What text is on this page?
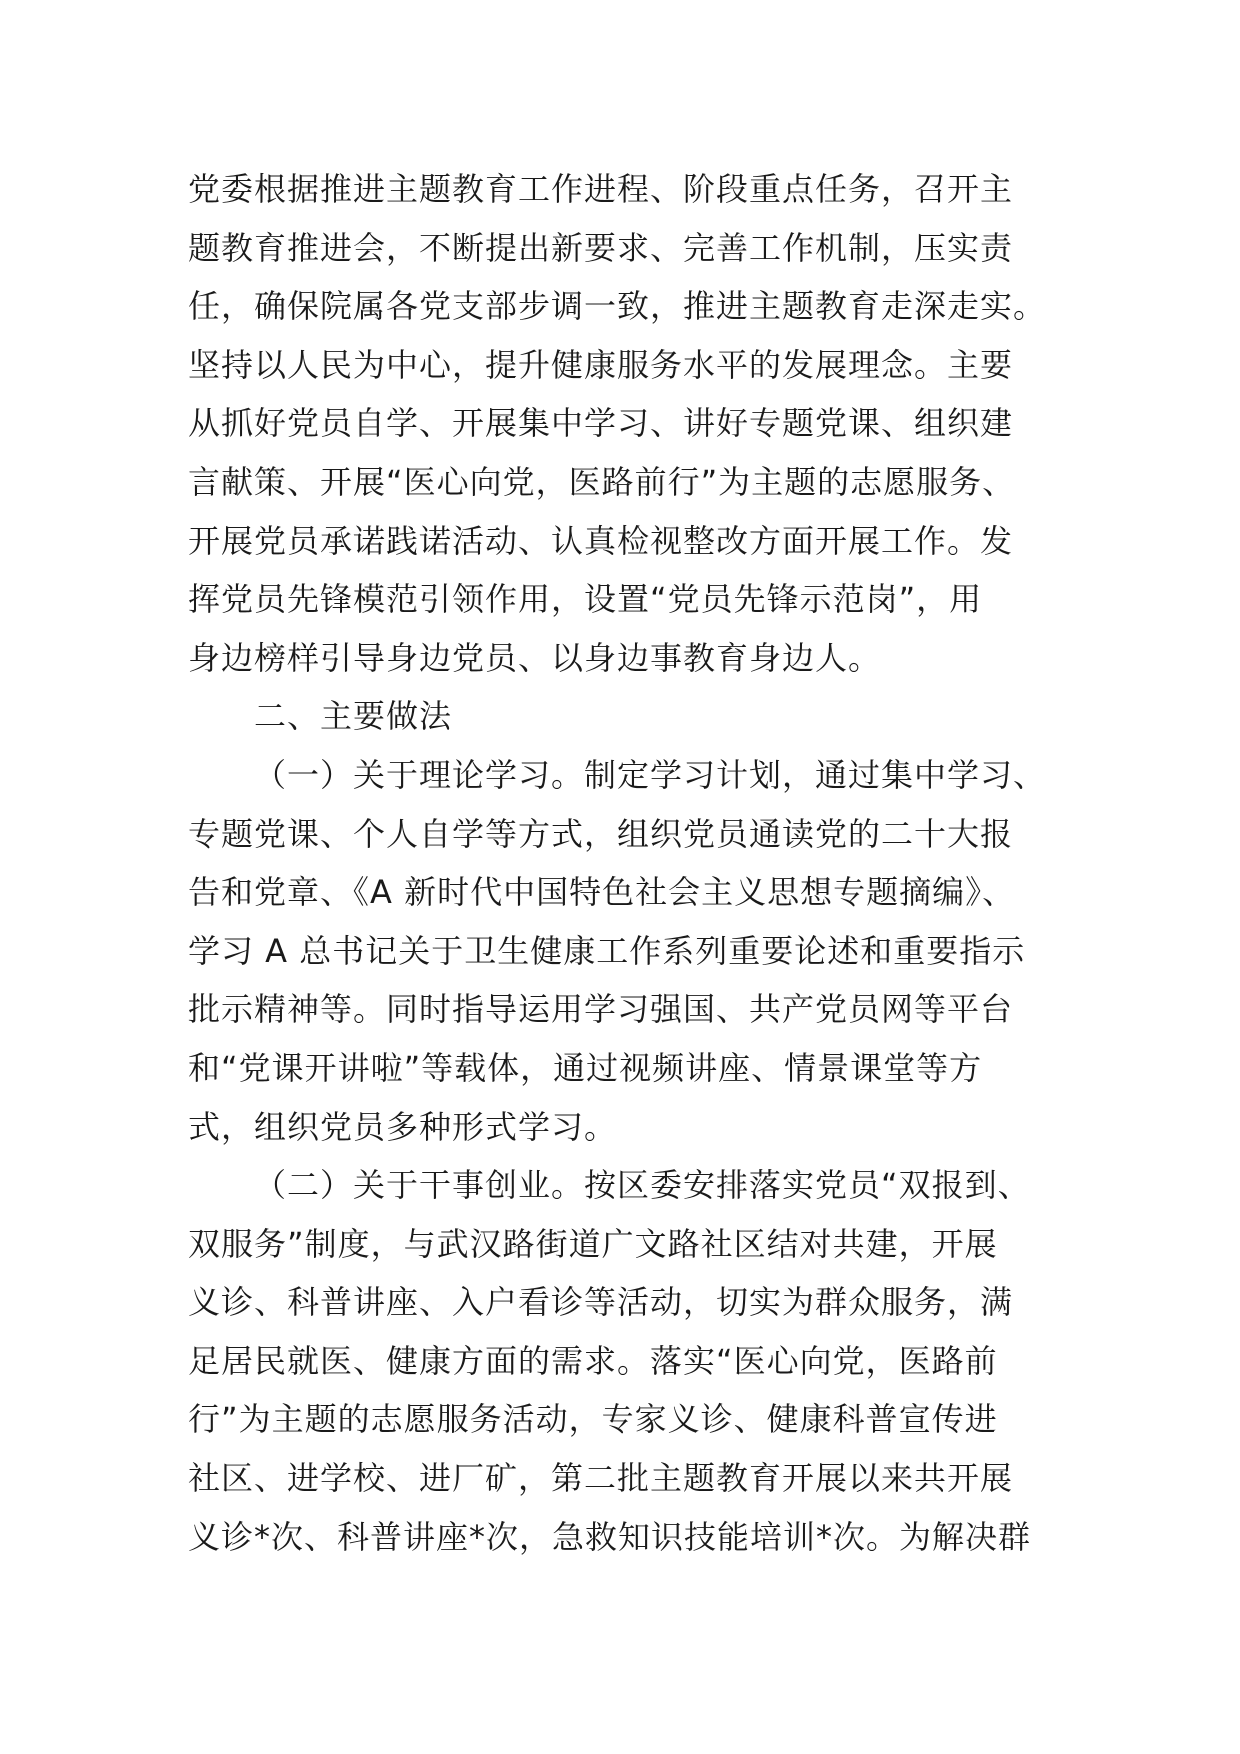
党委根据推进主题教育工作进程、阶段重点任务，召开主
题教育推进会，不断提出新要求、完善工作机制，压实责
任，确保院属各党支部步调一致，推进主题教育走深走实。
坚持以人民为中心，提升健康服务水平的发展理念。主要
从抓好党员自学、开展集中学习、讲好专题党课、组织建
言献策、开展“医心向党，医路前行”为主题的志愿服务、
开展党员承诺践诺活动、认真检视整改方面开展工作。发
挥党员先锋模范引领作用，设置“党员先锋示范岗”，用
身边榜样引导身边党员、以身边事教育身边人。
二、主要做法
（一）关于理论学习。制定学习计划，通过集中学习、
专题党课、个人自学等方式，组织党员通读党的二十大报
告和党章、《A 新时代中国特色社会主义思想专题摘编》、
学习 A 总书记关于卫生健康工作系列重要论述和重要指示
批示精神等。同时指导运用学习强国、共产党员网等平台
和“党课开讲啦”等载体，通过视频讲座、情景课堂等方
式，组织党员多种形式学习。
（二）关于干事创业。按区委安排落实党员“双报到、
双服务”制度，与武汉路街道广文路社区结对共建，开展
义诊、科普讲座、入户看诊等活动，切实为群众服务，满
足居民就医、健康方面的需求。落实“医心向党，医路前
行”为主题的志愿服务活动，专家义诊、健康科普宣传进
社区、进学校、进厂矿，第二批主题教育开展以来共开展
义诊*次、科普讲座*次，急救知识技能培训*次。为解决群
